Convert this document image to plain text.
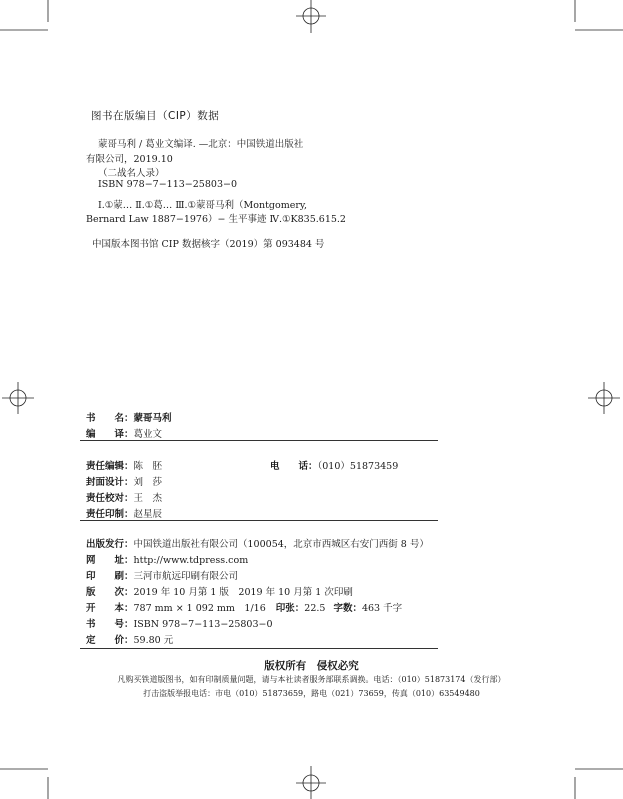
图书在版编目（CIP）数据
蒙哥马利 / 葛业文编译. —北京：中国铁道出版社
有限公司，2019.10
（二战名人录）
ISBN 978−7−113−25803−0
Ⅰ.①蒙… Ⅱ.①葛… Ⅲ.①蒙哥马利（Montgomery,
Bernard Law 1887−1976）− 生平事迹 Ⅳ.①K835.615.2
中国版本图书馆 CIP 数据核字（2019）第 093484 号
书　　名：蒙哥马利
编　　译：葛业文
责任编辑：陈　胚	电　　话：（010）51873459
封面设计：刘　莎
责任校对：王　杰
责任印制：赵星辰
出版发行：中国铁道出版社有限公司（100054，北京市西城区右安门西街 8 号）
网　　址：http://www.tdpress.com
印　　刷：三河市航远印刷有限公司
版　　次：2019 年 10 月第 1 版　2019 年 10 月第 1 次印刷
开　　本：787 mm × 1 092 mm　1/16 印张：22.5 字数：463 千字
书　　号：ISBN 978−7−113−25803−0
定　　价：59.80 元
版权所有　侵权必究
凡购买铁道版图书，如有印制质量问题，请与本社读者服务部联系调换。电话：（010）51873174（发行部）
打击盗版举报电话：市电（010）51873659，路电（021）73659，传真（010）63549480
